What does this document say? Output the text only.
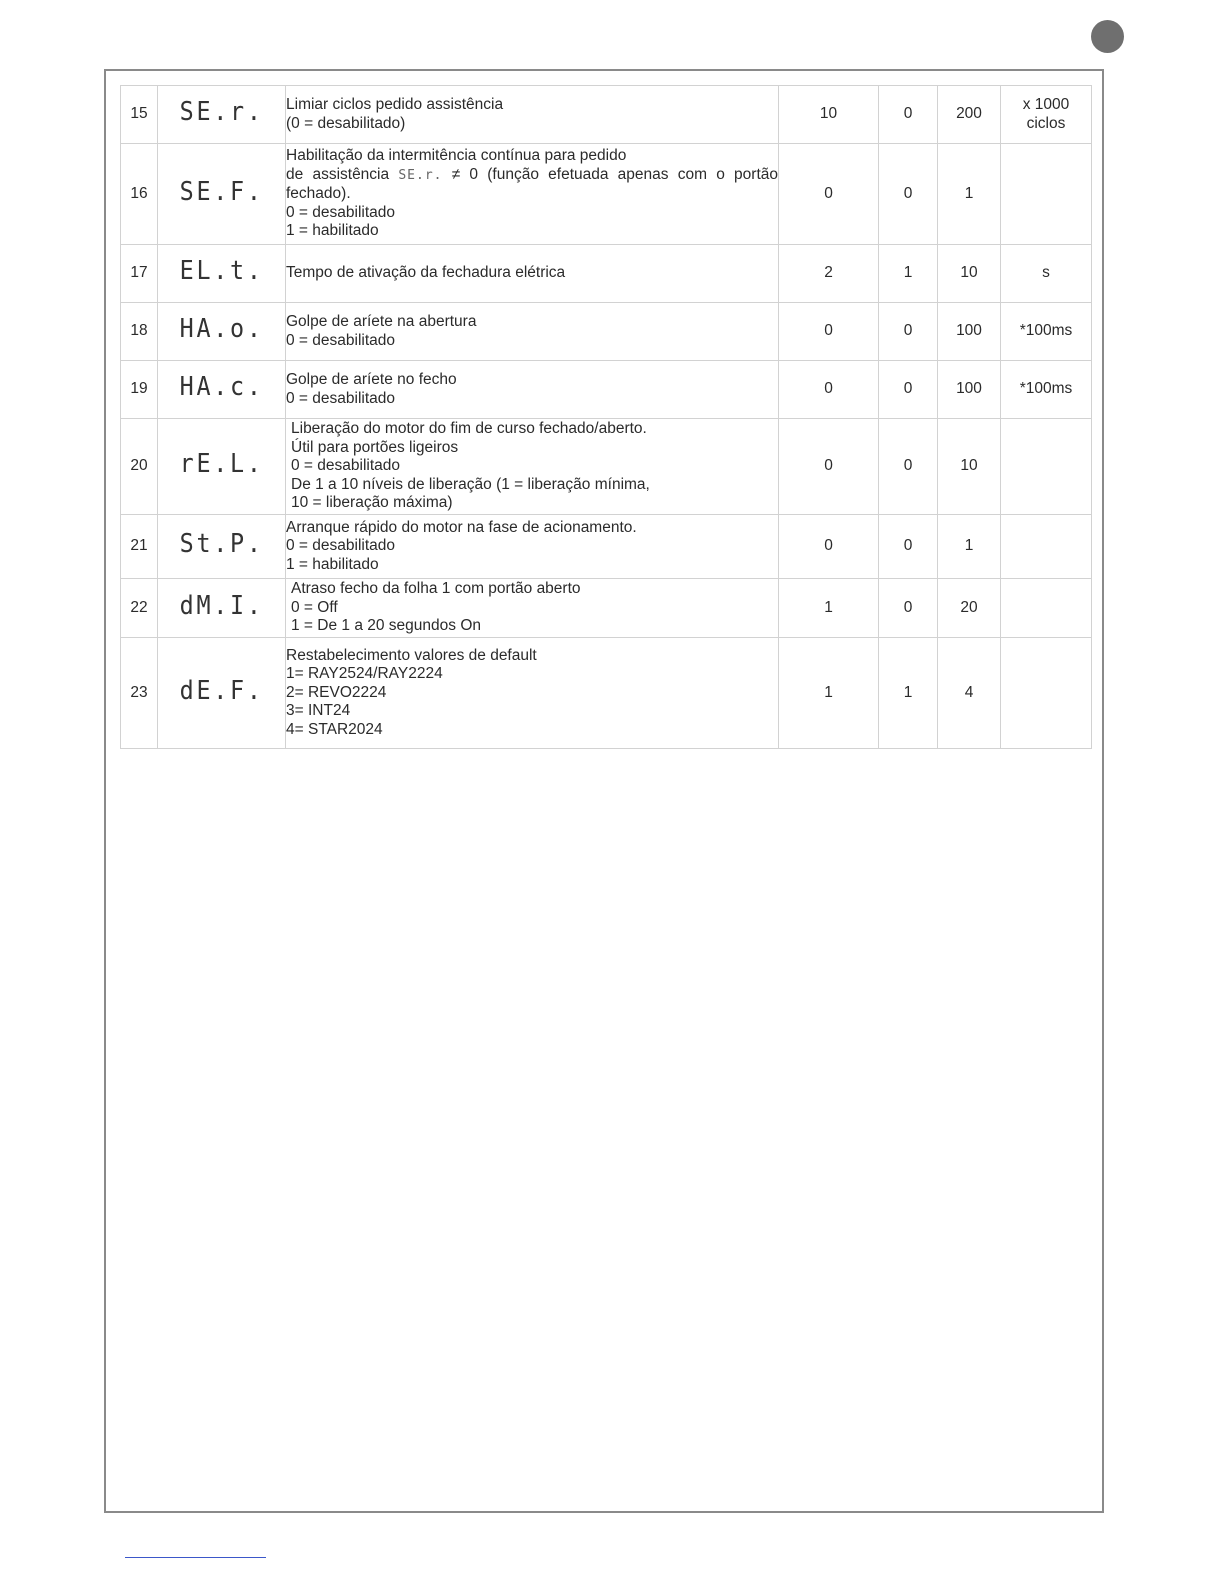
15	SE.r.	Limiar ciclos pedido assistência
(0 = desabilitado)	10	0	200	x 1000
ciclos

16	SE.F.	Habilitação da intermitência contínua para pedido
de assistência SE.r. ≠ 0 (função efetuada apenas com o portão
fechado).
0 = desabilitado
1 = habilitado	0	0	1	
17	EL.t.	Tempo de ativação da fechadura elétrica	2	1	10	s
18	HA.o.	Golpe de aríete na abertura
0 = desabilitado	0	0	100	*100ms
19	HA.c.	Golpe de aríete no fecho
0 = desabilitado	0	0	100	*100ms
20	rE.L.	Liberação do motor do fim de curso fechado/aberto.
Útil para portões ligeiros
0 = desabilitado
De 1 a 10 níveis de liberação (1 = liberação mínima,
10 = liberação máxima)	0	0	10	
21	St.P.	Arranque rápido do motor na fase de acionamento.
0 = desabilitado
1 = habilitado	0	0	1	
22	dM.I.	Atraso fecho da folha 1 com portão aberto
0 = Off
1 = De 1 a 20 segundos On	1	0	20	
23	dE.F.	Restabelecimento valores de default
1= RAY2524/RAY2224
2= REVO2224
3= INT24
4= STAR2024	1	1	4	
